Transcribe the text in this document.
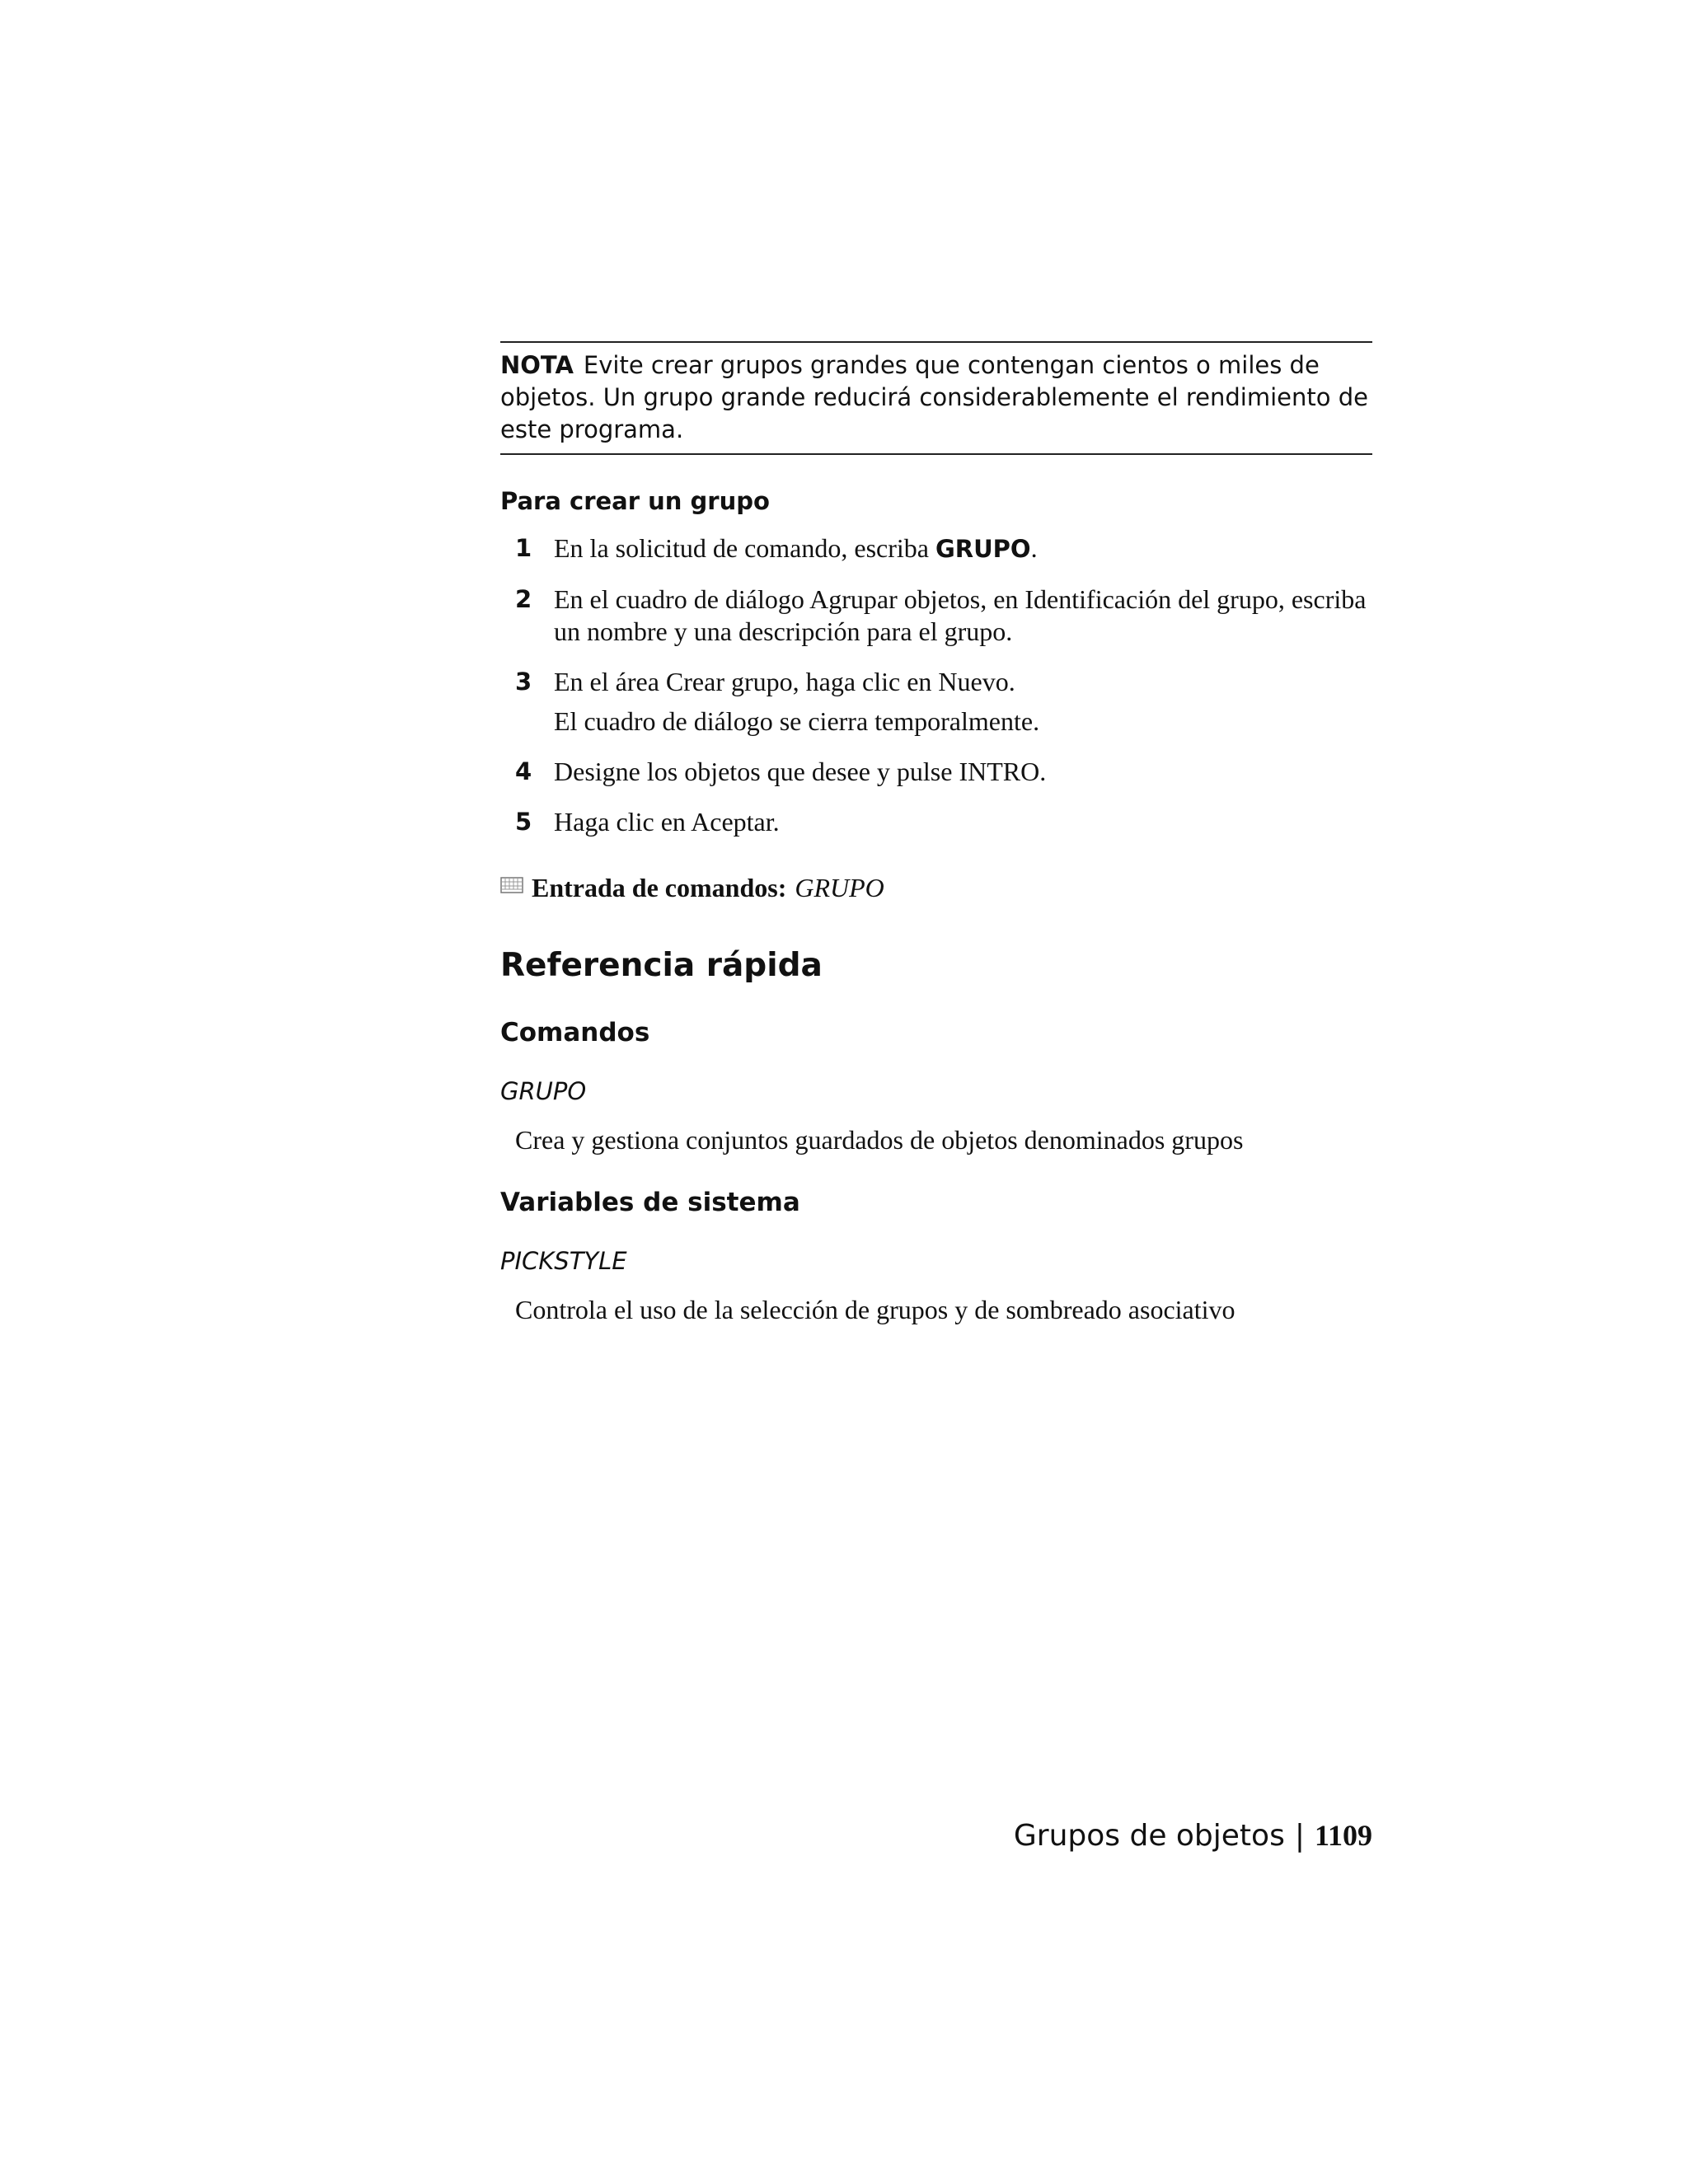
NOTA Evite crear grupos grandes que contengan cientos o miles de objetos. Un grupo grande reducirá considerablemente el rendimiento de este programa.

Para crear un grupo
1 En la solicitud de comando, escriba GRUPO.
2 En el cuadro de diálogo Agrupar objetos, en Identificación del grupo, escriba un nombre y una descripción para el grupo.
3 En el área Crear grupo, haga clic en Nuevo.
El cuadro de diálogo se cierra temporalmente.
4 Designe los objetos que desee y pulse INTRO.
5 Haga clic en Aceptar.
Entrada de comandos: GRUPO
Referencia rápida
Comandos
GRUPO
Crea y gestiona conjuntos guardados de objetos denominados grupos
Variables de sistema
PICKSTYLE
Controla el uso de la selección de grupos y de sombreado asociativo
Grupos de objetos | 1109
